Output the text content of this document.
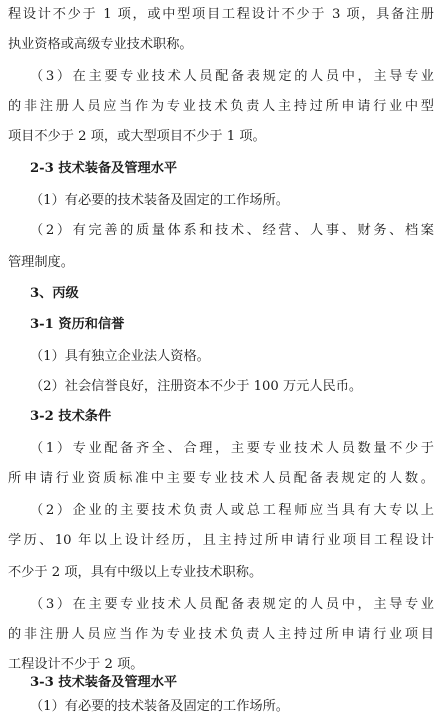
程设计不少于 1 项，或中型项目工程设计不少于 3 项，具备注册
执业资格或高级专业技术职称。
（3）在主要专业技术人员配备表规定的人员中，主导专业
的非注册人员应当作为专业技术负责人主持过所申请行业中型
项目不少于 2 项，或大型项目不少于 1 项。
2-3 技术装备及管理水平
（1）有必要的技术装备及固定的工作场所。
（2）有完善的质量体系和技术、经营、人事、财务、档案
管理制度。
3、丙级
3-1 资历和信誉
（1）具有独立企业法人资格。
（2）社会信誉良好，注册资本不少于 100 万元人民币。
3-2 技术条件
（1）专业配备齐全、合理，主要专业技术人员数量不少于
所申请行业资质标准中主要专业技术人员配备表规定的人数。
（2）企业的主要技术负责人或总工程师应当具有大专以上
学历、10 年以上设计经历，且主持过所申请行业项目工程设计
不少于 2 项，具有中级以上专业技术职称。
（3）在主要专业技术人员配备表规定的人员中，主导专业
的非注册人员应当作为专业技术负责人主持过所申请行业项目
工程设计不少于 2 项。
3-3 技术装备及管理水平
（1）有必要的技术装备及固定的工作场所。
